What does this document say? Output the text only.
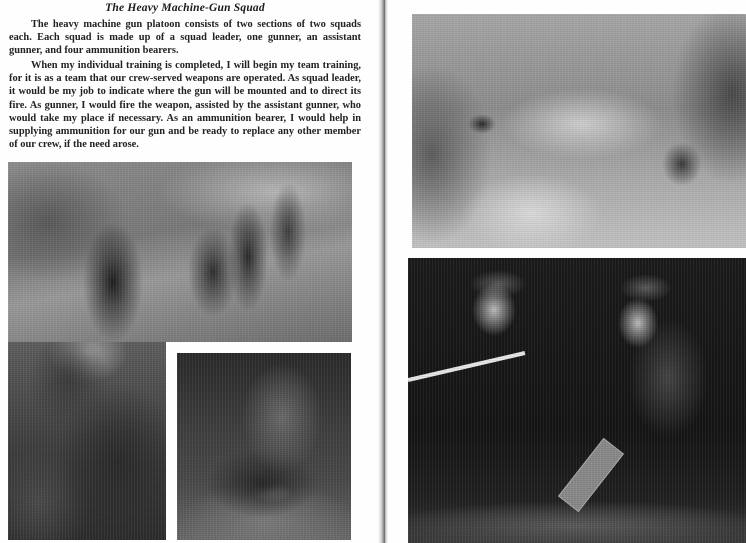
The Heavy Machine-Gun Squad

The heavy machine gun platoon consists of two sections of two squads each. Each squad is made up of a squad leader, one gunner, an assistant gunner, and four ammunition bearers.

When my individual training is completed, I will begin my team training, for it is as a team that our crew-served weapons are operated. As squad leader, it would be my job to indicate where the gun will be mounted and to direct its fire. As gunner, I would fire the weapon, assisted by the assistant gunner, who would take my place if necessary. As an ammunition bearer, I would help in supplying ammunition for our gun and be ready to replace any other member of our crew, if the need arose.
